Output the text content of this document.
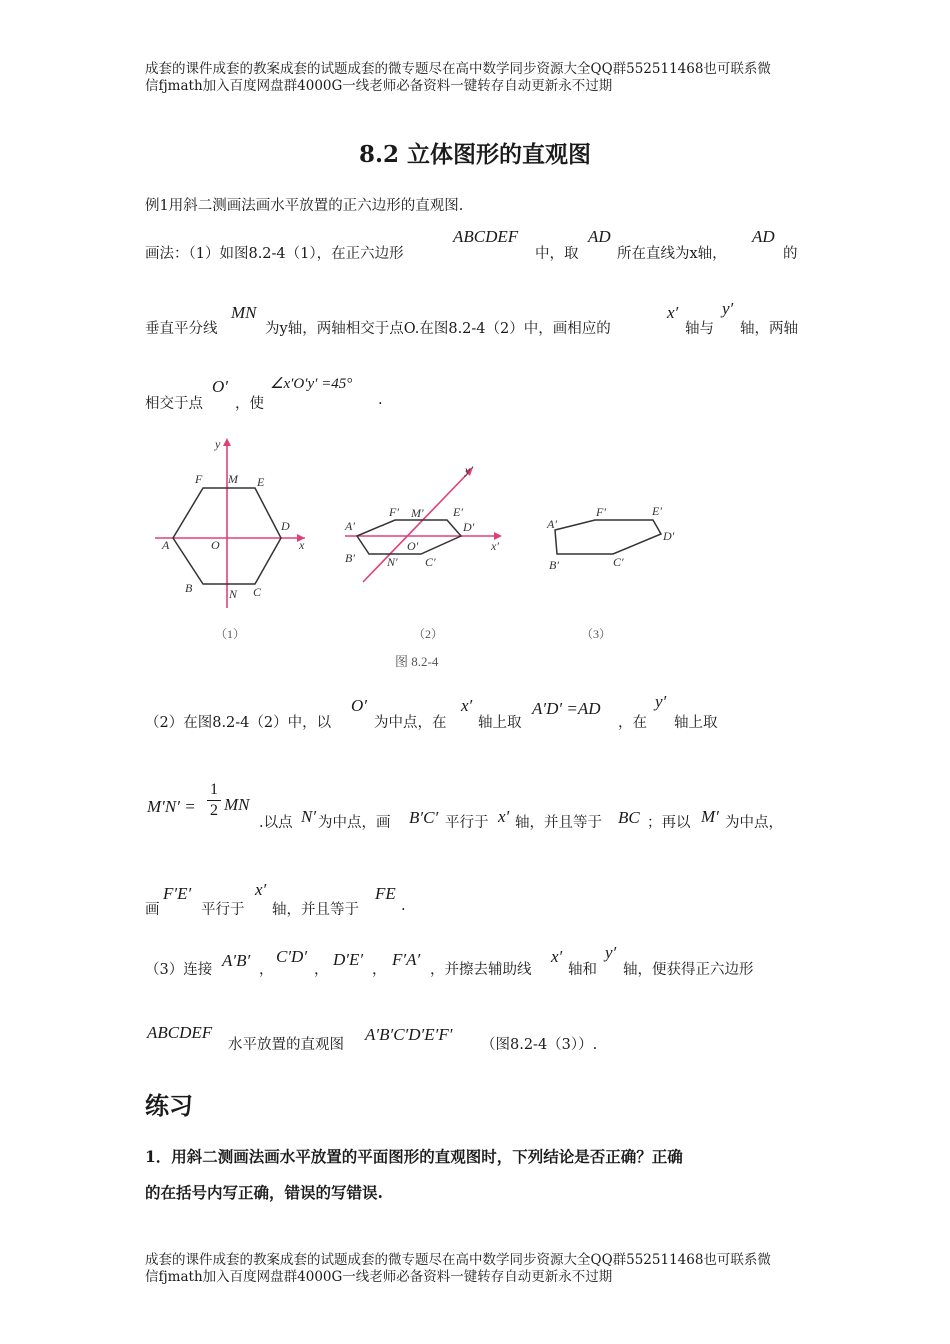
成套的课件成套的教案成套的试题成套的微专题尽在高中数学同步资源大全QQ群552511468也可联系微
信fjmath加入百度网盘群4000G一线老师必备资料一键转存自动更新永不过期
8.2 立体图形的直观图
例1用斜二测画法画水平放置的正六边形的直观图.
画法：（1）如图8.2-4（1），在正六边形
ABCDEF
中，取
AD
所在直线为x轴，
AD
的
垂直平分线
MN
为y轴，两轴相交于点O.在图8.2-4（2）中，画相应的
x′
轴与
y′
轴，两轴
相交于点
O′
，使
∠x′O′y′ =45°
.
y
F M E
A	O
D
x
B	N C
y′
F′ M′ E′
A′	D′
x′
B′
O′
N′ C′
F′	E′
A′
D′
B′	C′
（1）	（2）	（3）
图 8.2-4
（2）在图8.2-4（2）中，以
O′
为中点，在
x′
轴上取
A′D′ =AD
，在
y′
轴上取
M′N′ =
1
2 MN
.以点 N′ 为中点，画 B′C′ 平行于 x′ 轴，并且等于 BC ；再以 M′ 为中点，
画
F′E′
平行于
x′
轴，并且等于
FE
.
（3）连接 A′B′ ，
C′D′
，
D′E′
，
F′A′
，并擦去辅助线
x′
轴和
y′
轴，便获得正六边形
ABCDEF
水平放置的直观图
A′B′C′D′E′F′
（图8.2-4（3））.
练习
1．用斜二测画法画水平放置的平面图形的直观图时，下列结论是否正确？正确
的在括号内写正确，错误的写错误.
成套的课件成套的教案成套的试题成套的微专题尽在高中数学同步资源大全QQ群552511468也可联系微
信fjmath加入百度网盘群4000G一线老师必备资料一键转存自动更新永不过期
